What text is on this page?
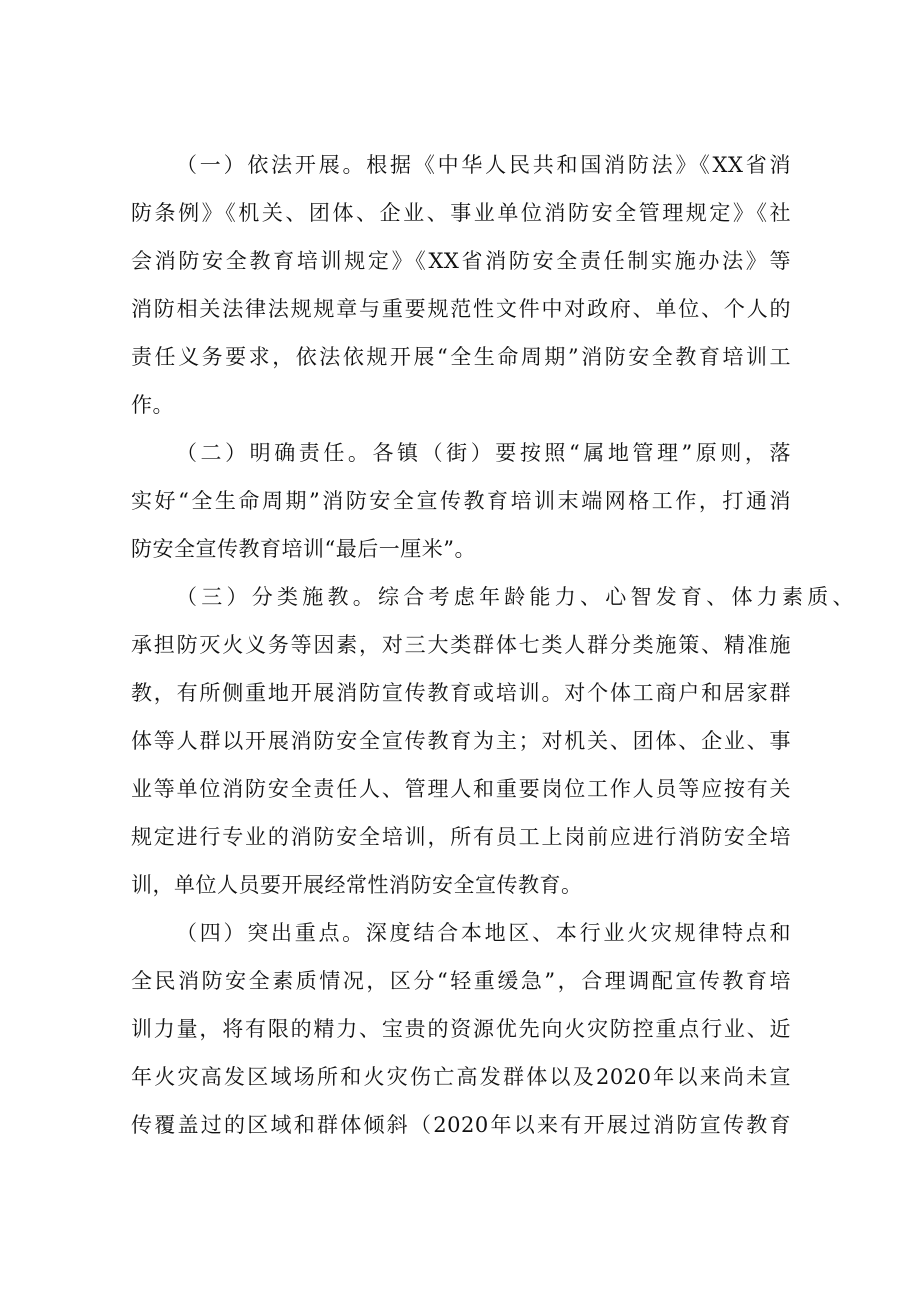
（一）依法开展。根据《中华人民共和国消防法》《XX省消
防条例》《机关、团体、企业、事业单位消防安全管理规定》《社
会消防安全教育培训规定》《XX省消防安全责任制实施办法》等
消防相关法律法规规章与重要规范性文件中对政府、单位、个人的
责任义务要求，依法依规开展“全生命周期”消防安全教育培训工
作。
（二）明确责任。各镇（街）要按照“属地管理”原则，落
实好“全生命周期”消防安全宣传教育培训末端网格工作，打通消
防安全宣传教育培训“最后一厘米”。
（三）分类施教。综合考虑年龄能力、心智发育、体力素质、
承担防灭火义务等因素，对三大类群体七类人群分类施策、精准施
教，有所侧重地开展消防宣传教育或培训。对个体工商户和居家群
体等人群以开展消防安全宣传教育为主；对机关、团体、企业、事
业等单位消防安全责任人、管理人和重要岗位工作人员等应按有关
规定进行专业的消防安全培训，所有员工上岗前应进行消防安全培
训，单位人员要开展经常性消防安全宣传教育。
（四）突出重点。深度结合本地区、本行业火灾规律特点和
全民消防安全素质情况，区分“轻重缓急”，合理调配宣传教育培
训力量，将有限的精力、宝贵的资源优先向火灾防控重点行业、近
年火灾高发区域场所和火灾伤亡高发群体以及2020年以来尚未宣
传覆盖过的区域和群体倾斜（2020年以来有开展过消防宣传教育
